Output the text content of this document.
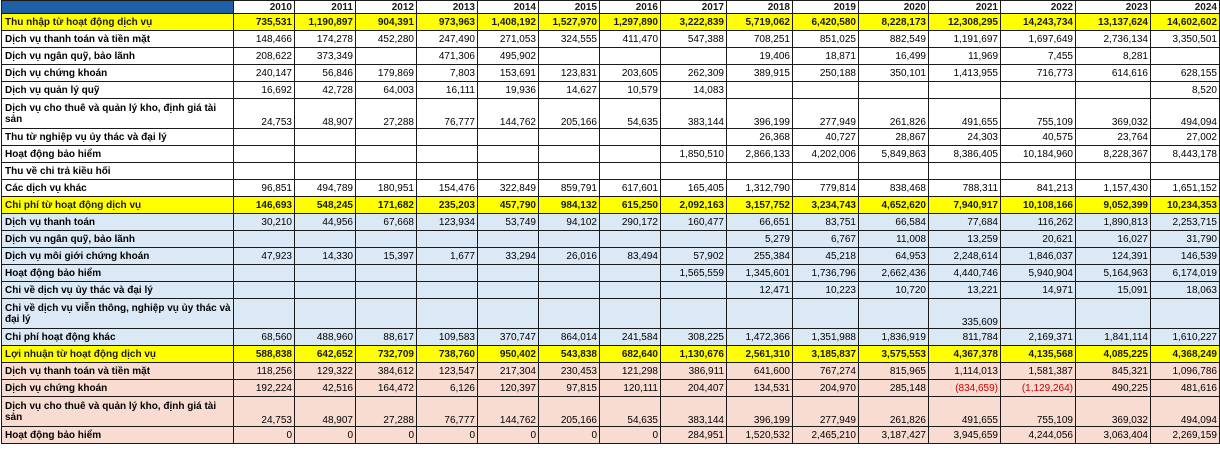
	2010	2011	2012	2013	2014	2015	2016	2017	2018	2019	2020	2021	2022	2023	2024
Thu nhập từ hoạt động dịch vụ	735,531	1,190,897	904,391	973,963	1,408,192	1,527,970	1,297,890	3,222,839	5,719,062	6,420,580	8,228,173	12,308,295	14,243,734	13,137,624	14,602,602
Dịch vụ thanh toán và tiền mặt	148,466	174,278	452,280	247,490	271,053	324,555	411,470	547,388	708,251	851,025	882,549	1,191,697	1,697,649	2,736,134	3,350,501
Dịch vụ ngân quỹ, bảo lãnh	208,622	373,349		471,306	495,902				19,406	18,871	16,499	11,969	7,455	8,281	
Dịch vụ chứng khoán	240,147	56,846	179,869	7,803	153,691	123,831	203,605	262,309	389,915	250,188	350,101	1,413,955	716,773	614,616	628,155
Dịch vụ quản lý quỹ	16,692	42,728	64,003	16,111	19,936	14,627	10,579	14,083							8,520
Dịch vụ cho thuê và quản lý kho, định giá tài sản	24,753	48,907	27,288	76,777	144,762	205,166	54,635	383,144	396,199	277,949	261,826	491,655	755,109	369,032	494,094
Thu từ nghiệp vụ ủy thác và đại lý									26,368	40,727	28,867	24,303	40,575	23,764	27,002
Hoạt động bảo hiểm								1,850,510	2,866,133	4,202,006	5,849,863	8,386,405	10,184,960	8,228,367	8,443,178
Thu về chi trả kiều hối															
Các dịch vụ khác	96,851	494,789	180,951	154,476	322,849	859,791	617,601	165,405	1,312,790	779,814	838,468	788,311	841,213	1,157,430	1,651,152
Chi phí từ hoạt động dịch vụ	146,693	548,245	171,682	235,203	457,790	984,132	615,250	2,092,163	3,157,752	3,234,743	4,652,620	7,940,917	10,108,166	9,052,399	10,234,353
Dịch vụ thanh toán	30,210	44,956	67,668	123,934	53,749	94,102	290,172	160,477	66,651	83,751	66,584	77,684	116,262	1,890,813	2,253,715
Dịch vụ ngân quỹ, bảo lãnh									5,279	6,767	11,008	13,259	20,621	16,027	31,790
Dịch vụ môi giới chứng khoán	47,923	14,330	15,397	1,677	33,294	26,016	83,494	57,902	255,384	45,218	64,953	2,248,614	1,846,037	124,391	146,539
Hoạt động bảo hiểm								1,565,559	1,345,601	1,736,796	2,662,436	4,440,746	5,940,904	5,164,963	6,174,019
Chi về dịch vụ ủy thác và đại lý									12,471	10,223	10,720	13,221	14,971	15,091	18,063
Chi về dịch vụ viễn thông, nghiệp vụ ủy thác và đại lý												335,609			
Chi phí hoạt động khác	68,560	488,960	88,617	109,583	370,747	864,014	241,584	308,225	1,472,366	1,351,988	1,836,919	811,784	2,169,371	1,841,114	1,610,227
Lợi nhuận từ hoạt động dịch vụ	588,838	642,652	732,709	738,760	950,402	543,838	682,640	1,130,676	2,561,310	3,185,837	3,575,553	4,367,378	4,135,568	4,085,225	4,368,249
Dịch vụ thanh toán và tiền mặt	118,256	129,322	384,612	123,547	217,304	230,453	121,298	386,911	641,600	767,274	815,965	1,114,013	1,581,387	845,321	1,096,786
Dịch vụ chứng khoán	192,224	42,516	164,472	6,126	120,397	97,815	120,111	204,407	134,531	204,970	285,148	(834,659)	(1,129,264)	490,225	481,616
Dịch vụ cho thuê và quản lý kho, định giá tài sản	24,753	48,907	27,288	76,777	144,762	205,166	54,635	383,144	396,199	277,949	261,826	491,655	755,109	369,032	494,094
Hoạt động bảo hiểm	0	0	0	0	0	0	0	284,951	1,520,532	2,465,210	3,187,427	3,945,659	4,244,056	3,063,404	2,269,159
